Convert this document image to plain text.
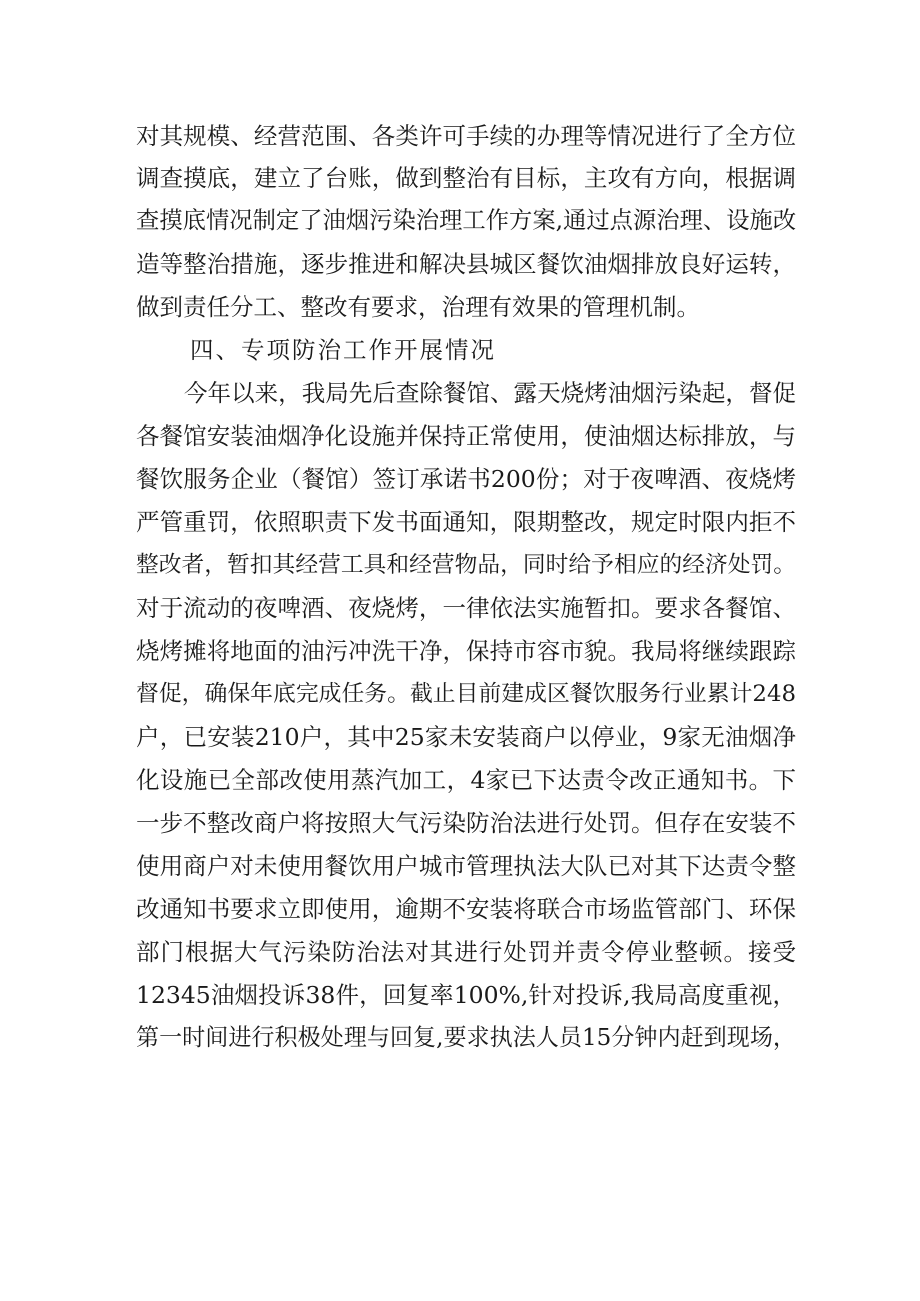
对其规模、经营范围、各类许可手续的办理等情况进行了全方位
调查摸底，建立了台账，做到整治有目标，主攻有方向，根据调
查摸底情况制定了油烟污染治理工作方案,通过点源治理、设施改
造等整治措施，逐步推进和解决县城区餐饮油烟排放良好运转，
做到责任分工、整改有要求，治理有效果的管理机制。
四、专项防治工作开展情况
今年以来，我局先后查除餐馆、露天烧烤油烟污染起，督促
各餐馆安装油烟净化设施并保持正常使用，使油烟达标排放，与
餐饮服务企业（餐馆）签订承诺书200份；对于夜啤酒、夜烧烤
严管重罚，依照职责下发书面通知，限期整改，规定时限内拒不
整改者，暂扣其经营工具和经营物品，同时给予相应的经济处罚。
对于流动的夜啤酒、夜烧烤，一律依法实施暂扣。要求各餐馆、
烧烤摊将地面的油污冲洗干净，保持市容市貌。我局将继续跟踪
督促，确保年底完成任务。截止目前建成区餐饮服务行业累计248
户，已安装210户，其中25家未安装商户以停业，9家无油烟净
化设施已全部改使用蒸汽加工，4家已下达责令改正通知书。下
一步不整改商户将按照大气污染防治法进行处罚。但存在安装不
使用商户对未使用餐饮用户城市管理执法大队已对其下达责令整
改通知书要求立即使用，逾期不安装将联合市场监管部门、环保
部门根据大气污染防治法对其进行处罚并责令停业整顿。接受
12345油烟投诉38件，回复率100%,针对投诉,我局高度重视，
第一时间进行积极处理与回复,要求执法人员15分钟内赶到现场，
